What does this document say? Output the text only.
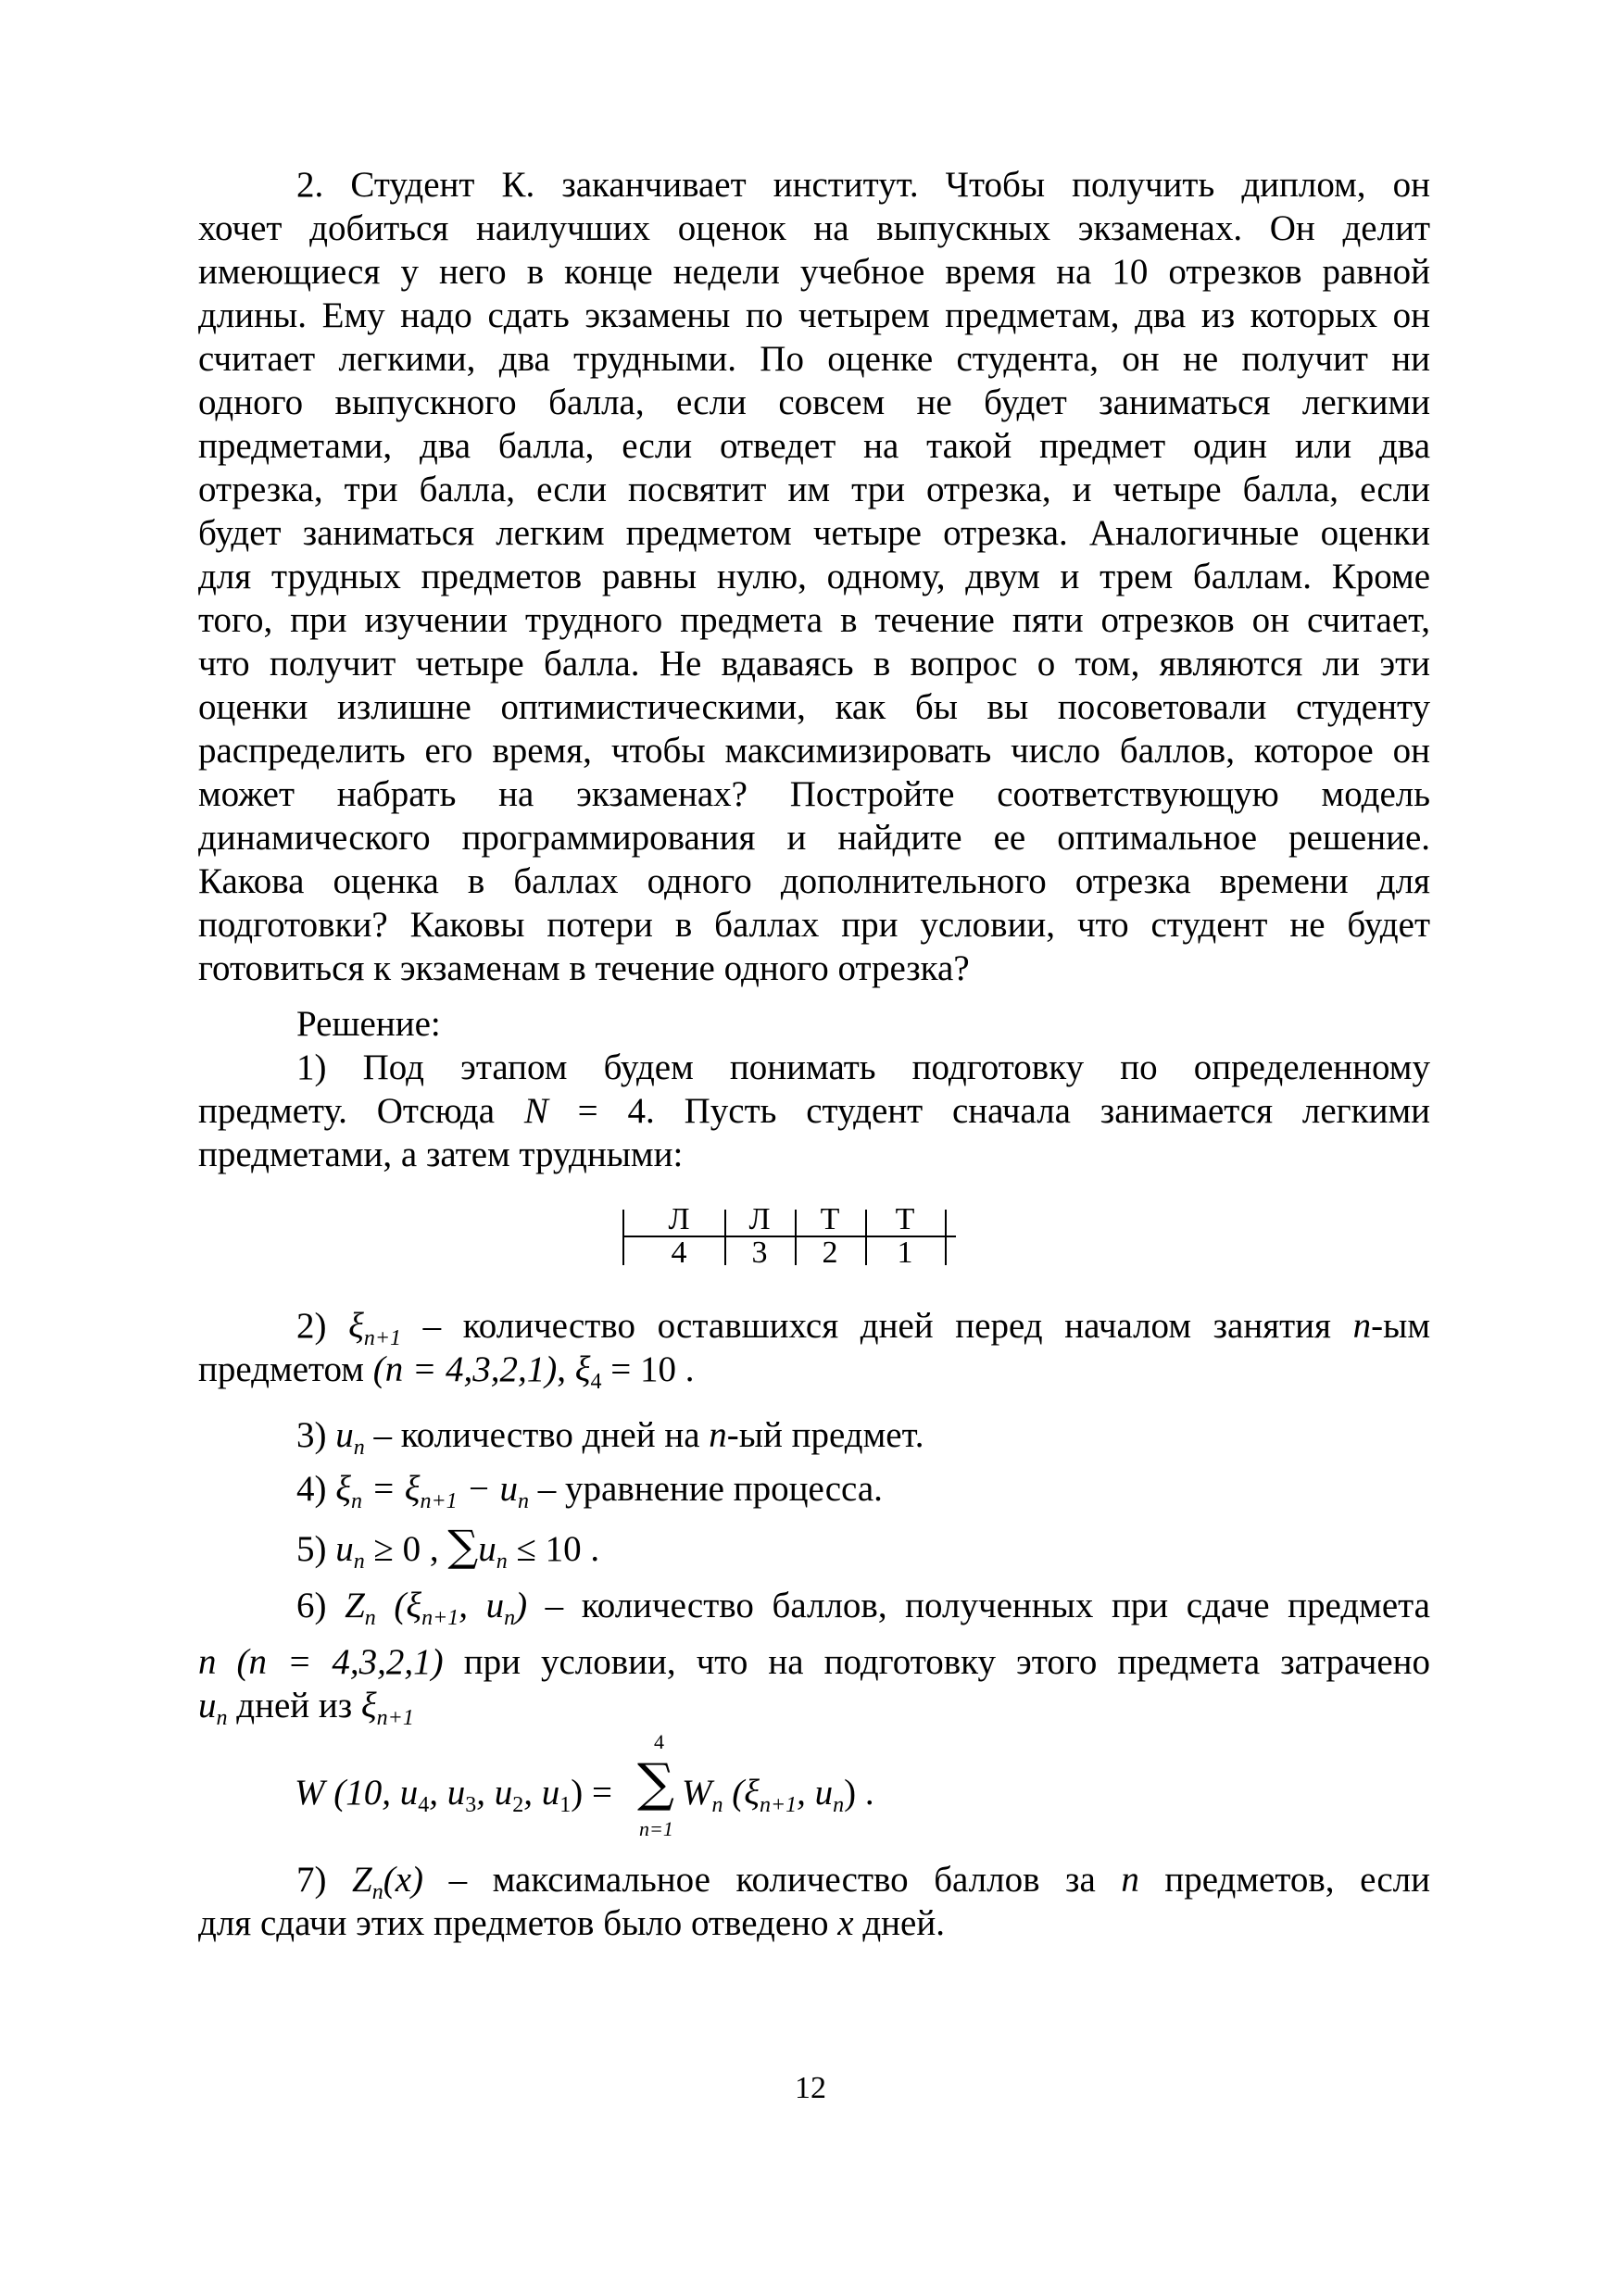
2. Студент К. заканчивает институт. Чтобы получить диплом, он
хочет добиться наилучших оценок на выпускных экзаменах. Он делит
имеющиеся у него в конце недели учебное время на 10 отрезков равной
длины. Ему надо сдать экзамены по четырем предметам, два из которых он
считает легкими, два трудными. По оценке студента, он не получит ни
одного выпускного балла, если совсем не будет заниматься легкими
предметами, два балла, если отведет на такой предмет один или два
отрезка, три балла, если посвятит им три отрезка, и четыре балла, если
будет заниматься легким предметом четыре отрезка. Аналогичные оценки
для трудных предметов равны нулю, одному, двум и трем баллам. Кроме
того, при изучении трудного предмета в течение пяти отрезков он считает,
что получит четыре балла. Не вдаваясь в вопрос о том, являются ли эти
оценки излишне оптимистическими, как бы вы посоветовали студенту
распределить его время, чтобы максимизировать число баллов, которое он
может набрать на экзаменах? Постройте соответствующую модель
динамического программирования и найдите ее оптимальное решение.
Какова оценка в баллах одного дополнительного отрезка времени для
подготовки? Каковы потери в баллах при условии, что студент не будет
готовиться к экзаменам в течение одного отрезка?
Решение:
1) Под этапом будем понимать подготовку по определенному
предмету. Отсюда N = 4. Пусть студент сначала занимается легкими
предметами, а затем трудными:
Л	Л	Т	Т
4	3	2	1
2) $\xi_{n+1}$ – количество оставшихся дней перед началом занятия n-ым
предметом (n = 4,3,2,1), $\xi_4 = 10$ .
3) $u_n$ – количество дней на n-ый предмет.
4) $\xi_n = \xi_{n+1} - u_n$ – уравнение процесса.
5) $u_n \ge 0$ , $\sum u_n \le 10$ .
6) $Z_n$ ($\xi_{n+1}$, $u_n$) – количество баллов, полученных при сдаче предмета
n (n = 4,3,2,1) при условии, что на подготовку этого предмета затрачено
$u_n$ дней из $\xi_{n+1}$
W (10, $u_4$, $u_3$, $u_2$, $u_1$) =
4
∑
n=1
$W_n$ ($\xi_{n+1}$, $u_n$) .
7) $Z_n(x)$ – максимальное количество баллов за n предметов, если
для сдачи этих предметов было отведено x дней.
12
